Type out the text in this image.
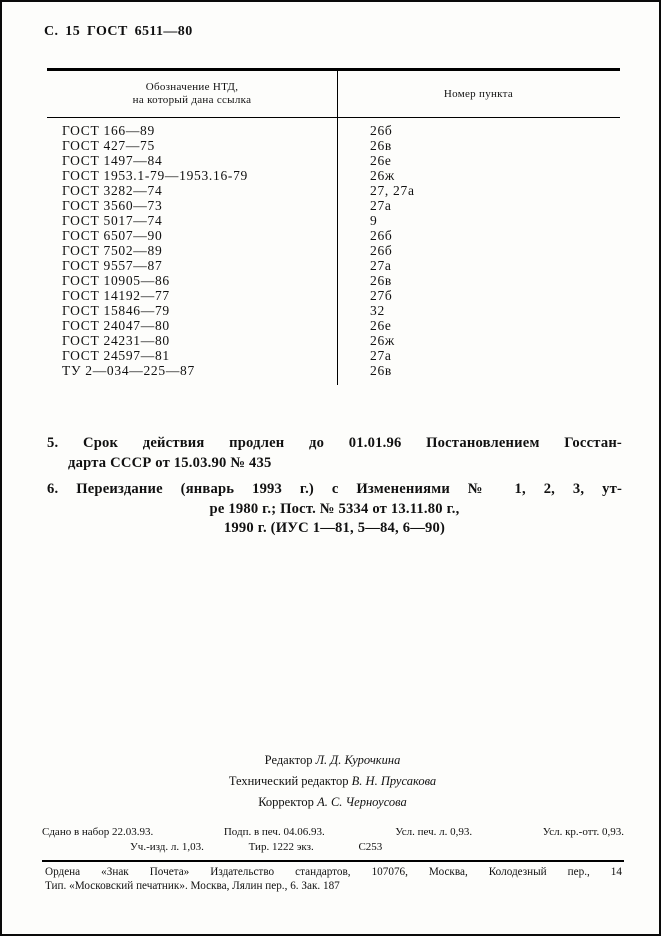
С. 15 ГОСТ 6511—80
Обозначение НТД,
на который дана ссылка	Номер пункта
ГОСТ 166—89	26б
ГОСТ 427—75	26в
ГОСТ 1497—84	26е
ГОСТ 1953.1-79—1953.16-79	26ж
ГОСТ 3282—74	27, 27а
ГОСТ 3560—73	27а
ГОСТ 5017—74	9
ГОСТ 6507—90	26б
ГОСТ 7502—89	26б
ГОСТ 9557—87	27а
ГОСТ 10905—86	26в
ГОСТ 14192—77	27б
ГОСТ 15846—79	32
ГОСТ 24047—80	26е
ГОСТ 24231—80	26ж
ГОСТ 24597—81	27а
ТУ 2—034—225—87	26в
5. Срок действия продлен до 01.01.96 Постановлением Госстан-
дарта СССР от 15.03.90 № 435
6. Переиздание (январь 1993 г.) с Изменениями № 1, 2, 3, ут-
ре 1980 г.; Пост. № 5334 от 13.11.80 г.,
1990 г. (ИУС 1—81, 5—84, 6—90)
Редактор Л. Д. Курочкина
Технический редактор В. Н. Прусакова
Корректор А. С. Черноусова
Сдано в набор 22.03.93.	Подп. в печ. 04.06.93.	Усл. печ. л. 0,93.	Усл. кр.-отт. 0,93.
Уч.-изд. л. 1,03.	Тир. 1222 экз.	С253
Ордена «Знак Почета» Издательство стандартов, 107076, Москва, Колодезный пер., 14
Тип. «Московский печатник». Москва, Лялин пер., 6. Зак. 187
